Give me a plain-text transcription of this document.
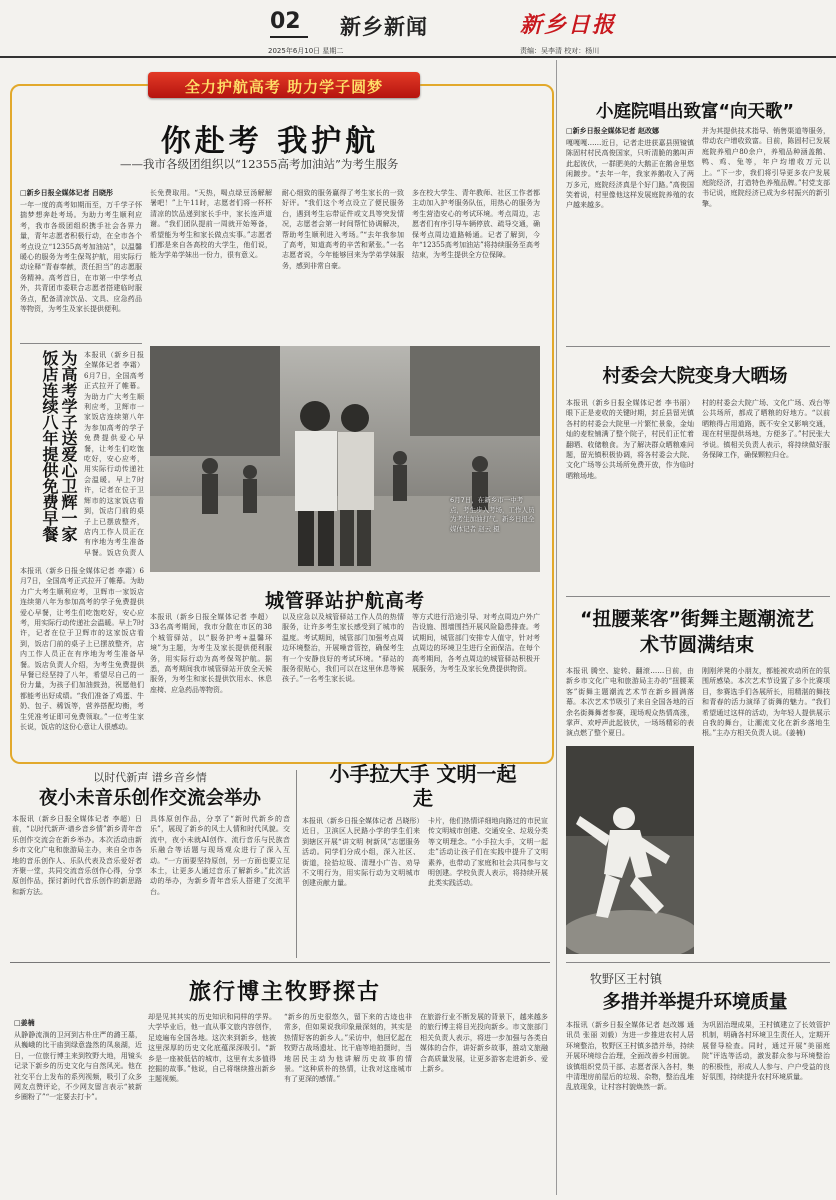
02 新乡新闻
2025年6月10日 星期二
新乡日报
责编：吴李清 校对：杨川
全力护航高考 助力学子圆梦
你赴考 我护航
——我市各级团组织以“12355高考加油站”为考生服务
□新乡日报全媒体记者 吕晓彤
一年一度的高考如期而至，万千学子怀揣梦想奔赴考场。为助力考生顺利应考，我市各级团组织携手社会各界力量，青年志愿者积极行动，在全市各个考点设立“12355高考加油站”，以温馨暖心的服务为考生保驾护航，用实际行动诠释“青春奉献，责任担当”的志愿服务精神。高考首日，在市第一中学考点外，共青团市委联合志愿者搭建临时服务点，配备清凉饮品、文具、应急药品等物资，为考生及家长提供便利。
长免费取用。“天热，喝点绿豆汤解解暑吧！”上午11时，志愿者们将一杯杯清凉的饮品递到家长手中，家长连声道谢。“我们团队提前一周就开始筹备，希望能为考生和家长做点实事。”志愿者们都是来自各高校的大学生，他们说，能为学弟学妹出一份力，很有意义。
耐心细致的服务赢得了考生家长的一致好评。“我们这个考点设立了便民服务台，遇到考生忘带证件或文具等突发情况，志愿者会第一时间帮忙协调解决，帮助考生顺利进入考场。”“去年我参加了高考，知道高考的辛苦和紧张。”一名志愿者说，今年能够回来为学弟学妹服务，感到非常自豪。
多在校大学生、青年教师、社区工作者都主动加入护考服务队伍，用热心的服务为考生营造安心的考试环境。考点周边，志愿者们有序引导车辆停放、疏导交通，确保考点周边道路畅通。记者了解到，今年“12355高考加油站”将持续服务至高考结束，为考生提供全方位保障。
为高考学子送爱心卫辉一家饭店连续八年提供免费早餐	本报讯（新乡日报全媒体记者 李霜）6月7日，全国高考正式拉开了帷幕。为助力广大考生顺利应考，卫辉市一家饭店连续第八年为参加高考的学子免费提供爱心早餐，让考生们吃饱吃好，安心应考，用实际行动传递社会温暖。早上7时许，记者在位于卫辉市的这家饭店看到，饭店门前的桌子上已摆放整齐，店内工作人员正在有序地为考生准备早餐。饭店负责人
本报讯（新乡日报全媒体记者 李霜）6月7日，全国高考正式拉开了帷幕。为助力广大考生顺利应考，卫辉市一家饭店连续第八年为参加高考的学子免费提供爱心早餐，让考生们吃饱吃好，安心应考，用实际行动传递社会温暖。早上7时许，记者在位于卫辉市的这家饭店看到，饭店门前的桌子上已摆放整齐，店内工作人员正在有序地为考生准备早餐。饭店负责人介绍，为考生免费提供早餐已经坚持了八年，希望尽自己的一份力量，为孩子们加油鼓劲，祝愿他们都能考出好成绩。“我们准备了鸡蛋、牛奶、包子、稀饭等，营养搭配均衡，考生凭准考证即可免费领取。”一位考生家长说，饭店的这份心意让人很感动。
6月7日，在新乡市一中考点，考生步入考场，工作人员为考生加油打气。新乡日报全媒体记者 赵云 摄
城管驿站护航高考
本报讯（新乡日报全媒体记者 李超）33名高考期间，我市分散在市区的38个城管驿站，以“服务护考+温馨环境”为主题，为考生及家长提供便利服务，用实际行动为高考保驾护航。据悉，高考期间我市城管驿站开放全天候服务，为考生和家长提供饮用水、休息座椅、应急药品等物资。
以及应急以及城管驿站工作人员的热情服务，让许多考生家长感受到了城市的温度。考试期间，城管部门加强考点周边环境整治，开展噪音管控，确保考生有一个安静良好的考试环境。“驿站的服务很贴心，我们可以在这里休息等候孩子。”一名考生家长说。
等方式进行沿途引导、对考点周边户外广告设施、围墙围挡开展风险隐患排查。考试期间，城管部门安排专人值守，针对考点周边的环境卫生进行全面保洁。在每个高考期间，各考点周边的城管驿站积极开展服务，为考生及家长免费提供物资。
以时代新声 谱乡音乡情
夜小未音乐创作交流会举办
本报讯（新乡日报全媒体记者 李超）日前，“以时代新声·谱乡音乡情”新乡青年音乐创作交流会在新乡举办。本次活动由新乡市文化广电和旅游局主办，来自全市各地的音乐创作人、乐队代表及音乐爱好者齐聚一堂，共同交流音乐创作心得，分享原创作品，探讨新时代音乐创作的新思路和新方法。
具体原创作品，分享了“新时代新乡的音乐”，展现了新乡的风土人情和时代风貌。交流中，夜小未就AI创作、流行音乐与民族音乐融合等话题与现场观众进行了深入互动。“一方面要坚持原创，另一方面也要立足本土，让更多人通过音乐了解新乡。”此次活动的举办，为新乡青年音乐人搭建了交流平台。
小手拉大手 文明一起走
本报讯（新乡日报全媒体记者 吕晓彤）近日，卫滨区人民路小学的学生们来到辖区开展“讲文明 树新风”志愿服务活动。同学们分成小组，深入社区、街道，捡拾垃圾、清理小广告、劝导不文明行为，用实际行动为文明城市创建贡献力量。
卡片，他们热情详细地向路过的市民宣传文明城市创建、交通安全、垃圾分类等文明理念。“小手拉大手，文明一起走”活动让孩子们在实践中提升了文明素养，也带动了家庭和社会共同参与文明创建。学校负责人表示，将持续开展此类实践活动。
旅行博主牧野探古
□姜楠
从静静流淌的卫河到古朴庄严的潞王墓，从巍峨的比干庙到绿意盎然的凤泉湖，近日，一位旅行博主来到牧野大地，用镜头记录下新乡的历史文化与自然风光。他在社交平台上发布的系列视频，吸引了众多网友点赞评论，不少网友留言表示“被新乡圈粉了”“一定要去打卡”。
却是见其其实的历史知识和同样的学界。大学毕业后，他一直从事文旅内容创作，足迹遍布全国各地。这次来到新乡，他被这里深厚的历史文化底蕴深深吸引。“新乡是一座被低估的城市，这里有太多值得挖掘的故事。”他说，自己将继续推出新乡主题视频。
“新乡的历史很悠久，留下来的古迹也非常多，但如果说我印象最深刻的，其实是热情好客的新乡人。”采访中，他回忆起在牧野古战场遗址、比干庙等地拍摄时，当地居民主动为他讲解历史故事的情景。“这种质朴的热情，让我对这座城市有了更深的感情。”
在旅游行业不断发展的背景下，越来越多的旅行博主将目光投向新乡。市文旅部门相关负责人表示，将进一步加强与各类自媒体的合作，讲好新乡故事，推动文旅融合高质量发展，让更多游客走进新乡、爱上新乡。
小庭院唱出致富“向天歌”
□新乡日报全媒体记者 赵改娜
嘎嘎嘎……近日，记者走进获嘉县照镜镇陈固村村民高俊国家，只听清脆的鹅叫声此起彼伏，一群肥美的大鹅正在鹅舍里悠闲踱步。“去年一年，我家养鹅收入了两万多元，庭院经济真是个好门路。”高俊国笑着说，村里像他这样发展庭院养殖的农户越来越多。
并为其提供技术指导、销售渠道等服务，带动农户增收致富。目前，陈固村已发展庭院养殖户80余户，养殖品种涵盖鹅、鸭、鸡、兔等，年户均增收万元以上。“下一步，我们将引导更多农户发展庭院经济，打造特色养殖品牌。”村党支部书记说，庭院经济已成为乡村振兴的新引擎。
村委会大院变身大晒场
本报讯（新乡日报全媒体记者 李书丽）眼下正是麦收的关键时期，封丘县留光镇各村的村委会大院里一片繁忙景象，金灿灿的麦粒铺满了整个院子，村民们正忙着翻晒、收储粮食。为了解决群众晒粮难问题，留光镇积极协调，将各村委会大院、文化广场等公共场所免费开放，作为临时晒粮场地。
村的村委会大院广场、文化广场、戏台等公共场所，都成了晒粮的好地方。“以前晒粮得占用道路，既不安全又影响交通，现在村里提供场地，方便多了。”村民张大爷说。镇相关负责人表示，将持续做好服务保障工作，确保颗粒归仓。
“扭腰莱客”街舞主题潮流艺术节圆满结束
本报讯 腾空、旋转、翻滚……日前，由新乡市文化广电和旅游局主办的“扭腰莱客”街舞主题潮流艺术节在新乡圆满落幕。本次艺术节吸引了来自全国各地的百余名街舞舞者参赛，现场观众热情高涨，掌声、欢呼声此起彼伏，一场场精彩的表演点燃了整个夏日。
刚刚斧凳的小朋友，都能被欢动所在的氛围所感染。本次艺术节设置了多个比赛项目，参赛选手们各展所长，用精湛的舞技和青春的活力演绎了街舞的魅力。“我们希望通过这样的活动，为年轻人提供展示自我的舞台，让潮流文化在新乡落地生根。”主办方相关负责人说。(姜楠)
牧野区王村镇
多措并举提升环境质量
本报讯（新乡日报全媒体记者 赵改娜 通讯员 张丽 刘毅）为进一步推进农村人居环境整治，牧野区王村镇多措并举，持续开展环境综合治理，全面改善乡村面貌。该镇组织党员干部、志愿者深入各村，集中清理房前屋后的垃圾、杂物，整治乱堆乱放现象，让村容村貌焕然一新。
为巩固治理成果，王村镇建立了长效管护机制，明确各村环境卫生责任人，定期开展督导检查。同时，通过开展“美丽庭院”评选等活动，激发群众参与环境整治的积极性，形成人人参与、户户受益的良好氛围，持续提升农村环境质量。
